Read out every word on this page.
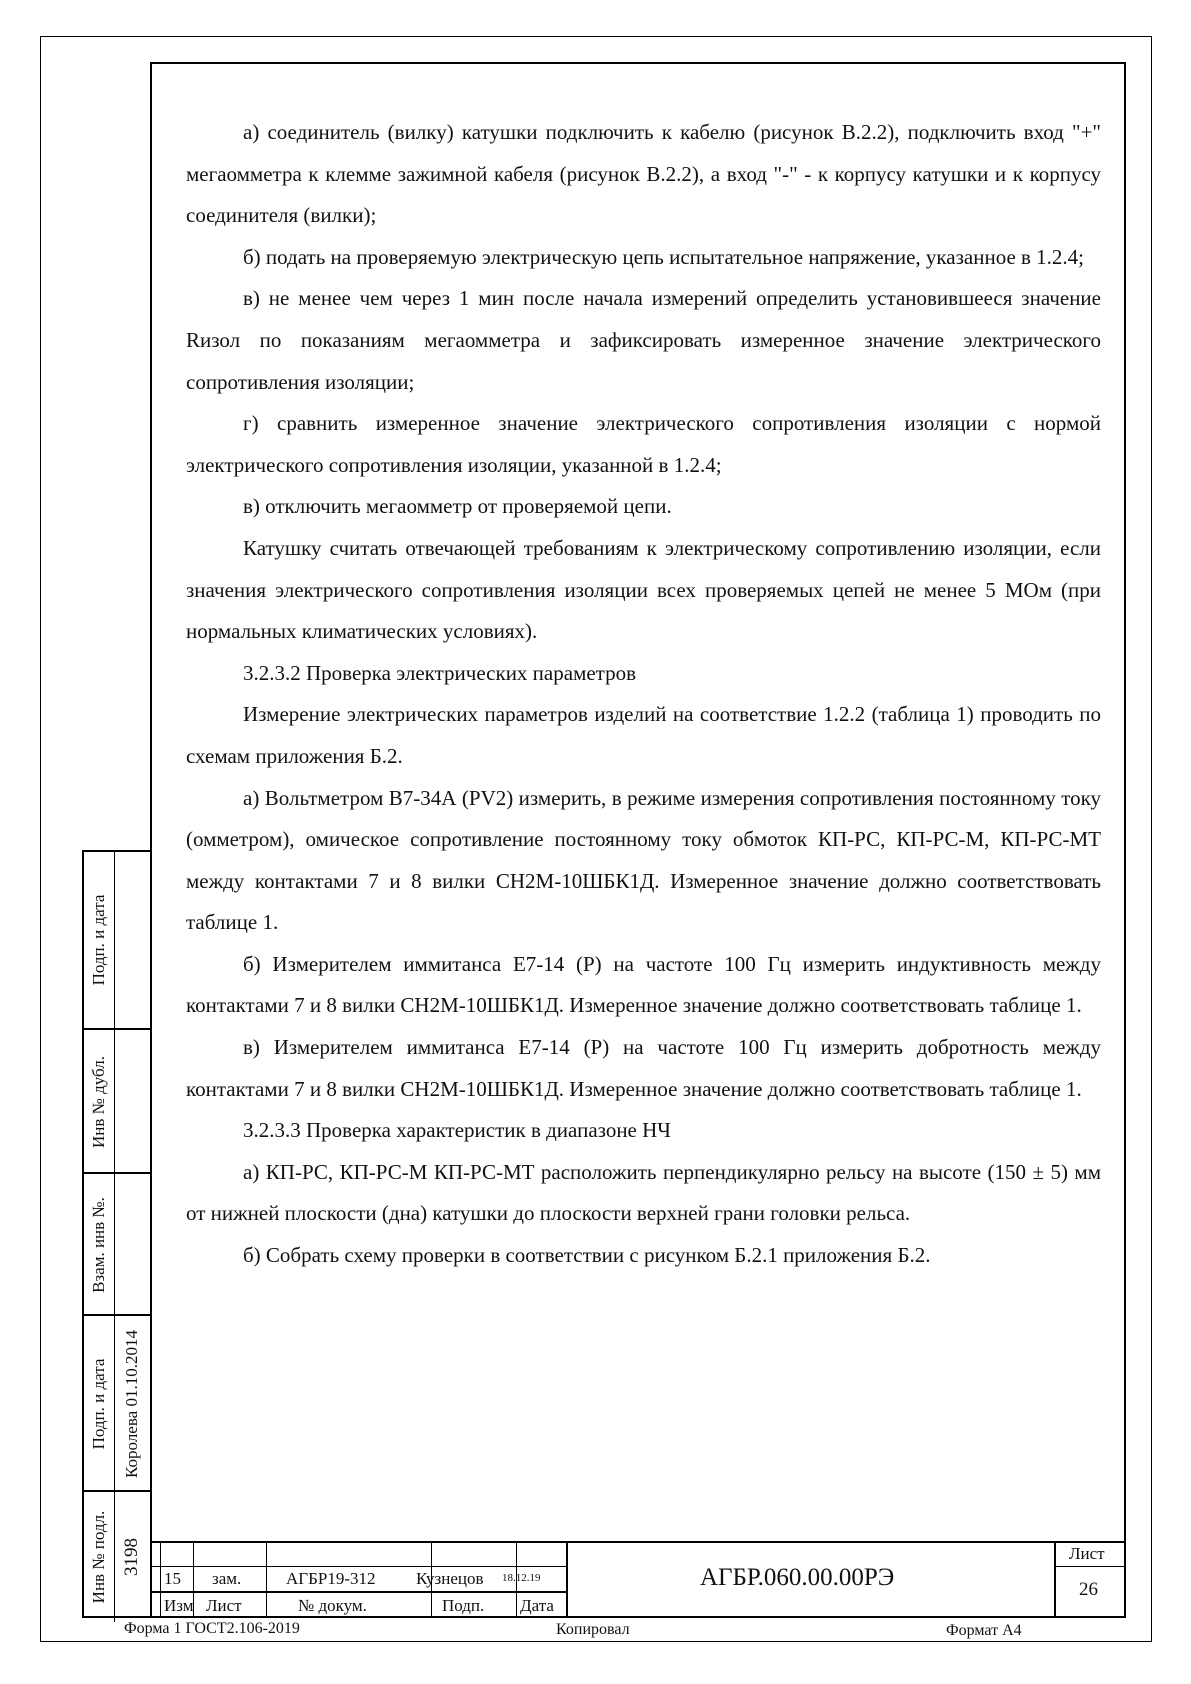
а) соединитель (вилку) катушки подключить к кабелю (рисунок В.2.2), подключить вход "+" мегаомметра к клемме зажимной кабеля (рисунок В.2.2), а вход "-" - к корпусу катушки и к корпусу соединителя (вилки);

б) подать на проверяемую электрическую цепь испытательное напряжение, указанное в 1.2.4;

в) не менее чем через 1 мин после начала измерений определить установившееся значение Rизол по показаниям мегаомметра и зафиксировать измеренное значение электрического сопротивления изоляции;

г) сравнить измеренное значение электрического сопротивления изоляции с нормой электрического сопротивления изоляции, указанной в 1.2.4;

в) отключить мегаомметр от проверяемой цепи.

Катушку считать отвечающей требованиям к электрическому сопротивлению изоляции, если значения электрического сопротивления изоляции всех проверяемых цепей не менее 5 МОм (при нормальных климатических условиях).

3.2.3.2 Проверка электрических параметров

Измерение электрических параметров изделий на соответствие 1.2.2 (таблица 1) проводить по схемам приложения Б.2.

а) Вольтметром В7-34А (PV2) измерить, в режиме измерения сопротивления постоянному току (омметром), омическое сопротивление постоянному току обмоток КП-РС, КП-РС-М, КП-РС-МТ между контактами 7 и 8 вилки СН2М-10ШБК1Д. Измеренное значение должно соответствовать таблице 1.

б) Измерителем иммитанса Е7-14 (Р) на частоте 100 Гц измерить индуктивность между контактами 7 и 8 вилки СН2М-10ШБК1Д. Измеренное значение должно соответствовать таблице 1.

в) Измерителем иммитанса Е7-14 (Р) на частоте 100 Гц измерить добротность между контактами 7 и 8 вилки СН2М-10ШБК1Д. Измеренное значение должно соответствовать таблице 1.

3.2.3.3 Проверка характеристик в диапазоне НЧ

а) КП-РС, КП-РС-М КП-РС-МТ расположить перпендикулярно рельсу на высоте (150 ± 5) мм от нижней плоскости (дна) катушки до плоскости верхней грани головки рельса.

б) Собрать схему проверки в соответствии с рисунком Б.2.1 приложения Б.2.

Подп. и дата
Инв № дубл.
Взам. инв №.
Подп. и дата Королева 01.10.2014
Инв № подл. 3198
15 зам.	АГБР19-312 Кузнецов 18.12.19
Изм Лист	№ докум.	Подп. Дата
АГБР.060.00.00РЭ
Лист
26
Форма 1 ГОСТ2.106-2019	Копировал	Формат А4
